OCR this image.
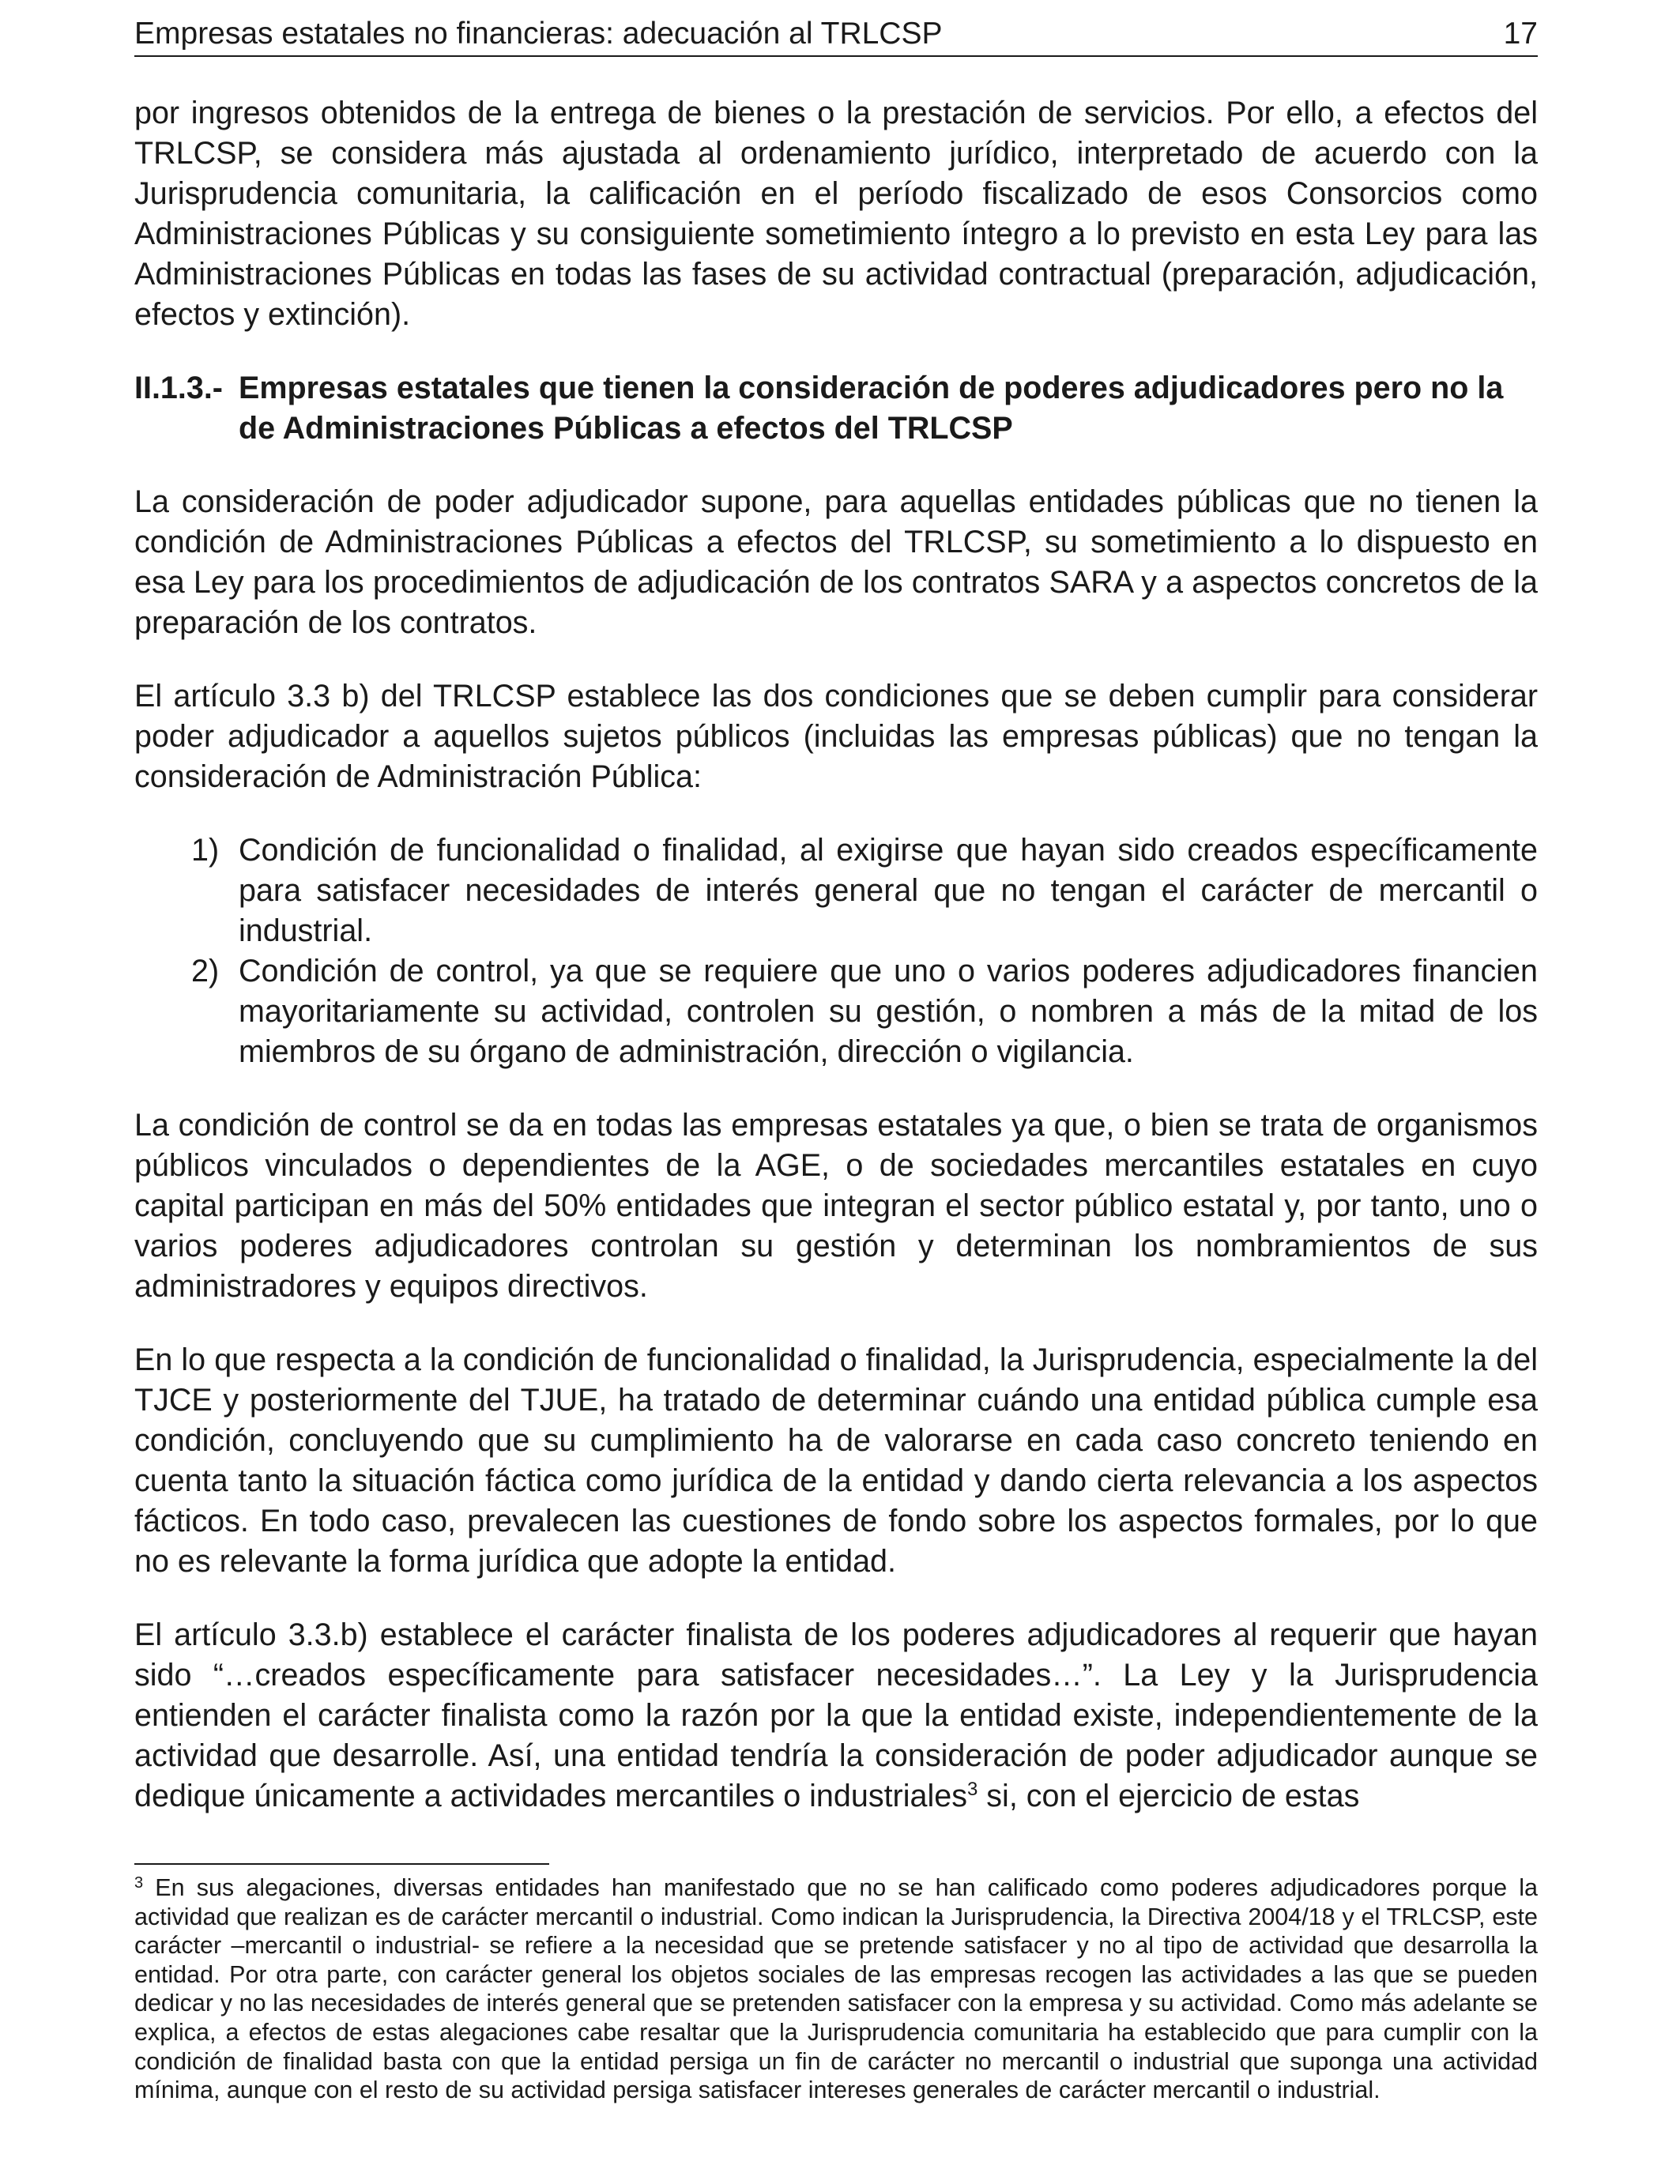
Empresas estatales no financieras: adecuación al TRLCSP	17

por ingresos obtenidos de la entrega de bienes o la prestación de servicios. Por ello, a efectos del TRLCSP, se considera más ajustada al ordenamiento jurídico, interpretado de acuerdo con la Jurisprudencia comunitaria, la calificación en el período fiscalizado de esos Consorcios como Administraciones Públicas y su consiguiente sometimiento íntegro a lo previsto en esta Ley para las Administraciones Públicas en todas las fases de su actividad contractual (preparación, adjudicación, efectos y extinción).

II.1.3.- Empresas estatales que tienen la consideración de poderes adjudicadores pero no la de Administraciones Públicas a efectos del TRLCSP

La consideración de poder adjudicador supone, para aquellas entidades públicas que no tienen la condición de Administraciones Públicas a efectos del TRLCSP, su sometimiento a lo dispuesto en esa Ley para los procedimientos de adjudicación de los contratos SARA y a aspectos concretos de la preparación de los contratos.

El artículo 3.3 b) del TRLCSP establece las dos condiciones que se deben cumplir para considerar poder adjudicador a aquellos sujetos públicos (incluidas las empresas públicas) que no tengan la consideración de Administración Pública:

1) Condición de funcionalidad o finalidad, al exigirse que hayan sido creados específicamente para satisfacer necesidades de interés general que no tengan el carácter de mercantil o industrial.
2) Condición de control, ya que se requiere que uno o varios poderes adjudicadores financien mayoritariamente su actividad, controlen su gestión, o nombren a más de la mitad de los miembros de su órgano de administración, dirección o vigilancia.

La condición de control se da en todas las empresas estatales ya que, o bien se trata de organismos públicos vinculados o dependientes de la AGE, o de sociedades mercantiles estatales en cuyo capital participan en más del 50% entidades que integran el sector público estatal y, por tanto, uno o varios poderes adjudicadores controlan su gestión y determinan los nombramientos de sus administradores y equipos directivos.

En lo que respecta a la condición de funcionalidad o finalidad, la Jurisprudencia, especialmente la del TJCE y posteriormente del TJUE, ha tratado de determinar cuándo una entidad pública cumple esa condición, concluyendo que su cumplimiento ha de valorarse en cada caso concreto teniendo en cuenta tanto la situación fáctica como jurídica de la entidad y dando cierta relevancia a los aspectos fácticos. En todo caso, prevalecen las cuestiones de fondo sobre los aspectos formales, por lo que no es relevante la forma jurídica que adopte la entidad.

El artículo 3.3.b) establece el carácter finalista de los poderes adjudicadores al requerir que hayan sido “…creados específicamente para satisfacer necesidades…”. La Ley y la Jurisprudencia entienden el carácter finalista como la razón por la que la entidad existe, independientemente de la actividad que desarrolle. Así, una entidad tendría la consideración de poder adjudicador aunque se dedique únicamente a actividades mercantiles o industriales$^3$ si, con el ejercicio de estas

$^3$ En sus alegaciones, diversas entidades han manifestado que no se han calificado como poderes adjudicadores porque la actividad que realizan es de carácter mercantil o industrial. Como indican la Jurisprudencia, la Directiva 2004/18 y el TRLCSP, este carácter –mercantil o industrial- se refiere a la necesidad que se pretende satisfacer y no al tipo de actividad que desarrolla la entidad. Por otra parte, con carácter general los objetos sociales de las empresas recogen las actividades a las que se pueden dedicar y no las necesidades de interés general que se pretenden satisfacer con la empresa y su actividad. Como más adelante se explica, a efectos de estas alegaciones cabe resaltar que la Jurisprudencia comunitaria ha establecido que para cumplir con la condición de finalidad basta con que la entidad persiga un fin de carácter no mercantil o industrial que suponga una actividad mínima, aunque con el resto de su actividad persiga satisfacer intereses generales de carácter mercantil o industrial.
